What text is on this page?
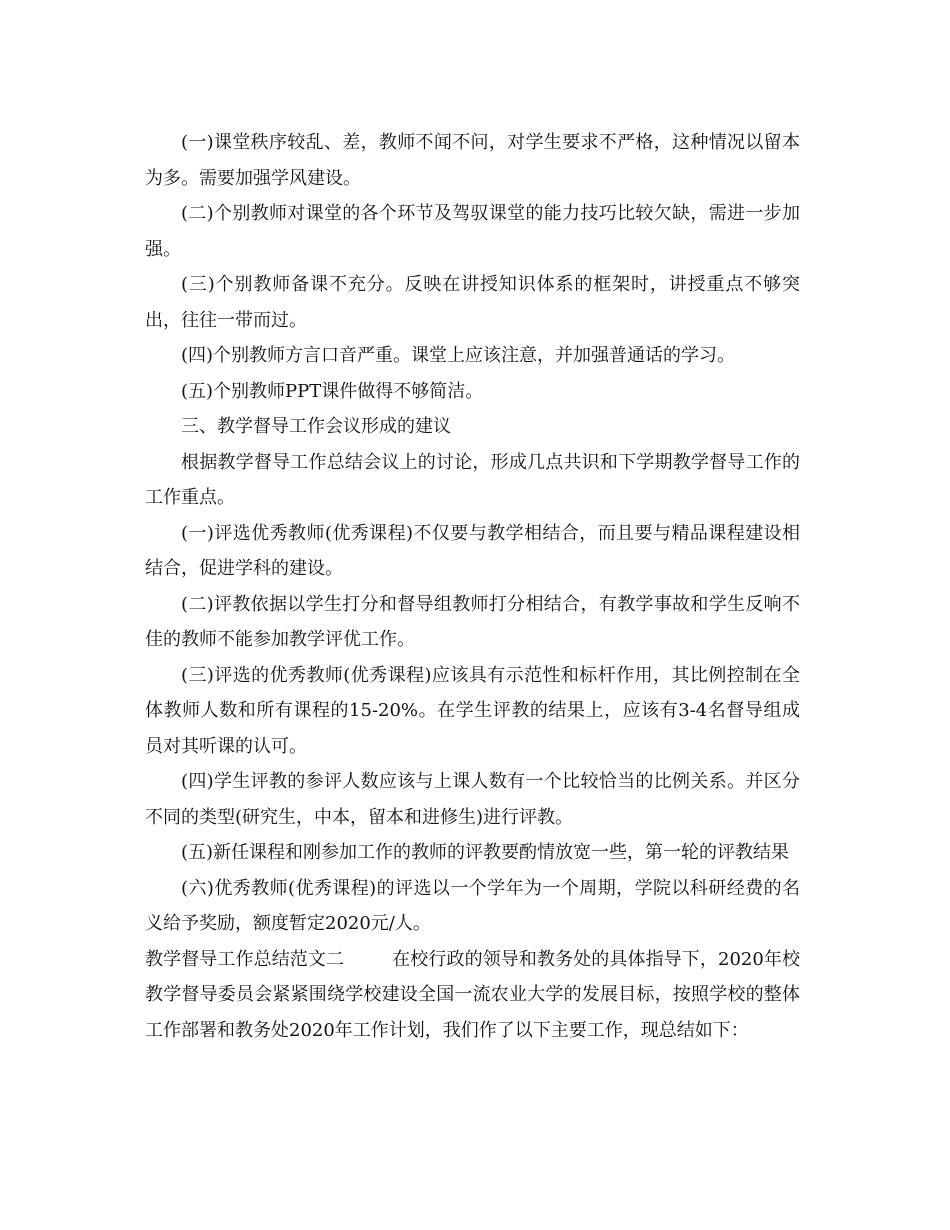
(一)课堂秩序较乱、差，教师不闻不问，对学生要求不严格，这种情况以留本为多。需要加强学风建设。

(二)个别教师对课堂的各个环节及驾驭课堂的能力技巧比较欠缺，需进一步加强。

(三)个别教师备课不充分。反映在讲授知识体系的框架时，讲授重点不够突出，往往一带而过。

(四)个别教师方言口音严重。课堂上应该注意，并加强普通话的学习。

(五)个别教师PPT课件做得不够简洁。

三、教学督导工作会议形成的建议

根据教学督导工作总结会议上的讨论，形成几点共识和下学期教学督导工作的工作重点。

(一)评选优秀教师(优秀课程)不仅要与教学相结合，而且要与精品课程建设相结合，促进学科的建设。

(二)评教依据以学生打分和督导组教师打分相结合，有教学事故和学生反响不佳的教师不能参加教学评优工作。

(三)评选的优秀教师(优秀课程)应该具有示范性和标杆作用，其比例控制在全体教师人数和所有课程的15-20%。在学生评教的结果上，应该有3-4名督导组成员对其听课的认可。

(四)学生评教的参评人数应该与上课人数有一个比较恰当的比例关系。并区分不同的类型(研究生，中本，留本和进修生)进行评教。

(五)新任课程和刚参加工作的教师的评教要酌情放宽一些，第一轮的评教结果

(六)优秀教师(优秀课程)的评选以一个学年为一个周期，学院以科研经费的名义给予奖励，额度暂定2020元/人。

教学督导工作总结范文二	在校行政的领导和教务处的具体指导下，2020年校教学督导委员会紧紧围绕学校建设全国一流农业大学的发展目标，按照学校的整体工作部署和教务处2020年工作计划，我们作了以下主要工作，现总结如下：
